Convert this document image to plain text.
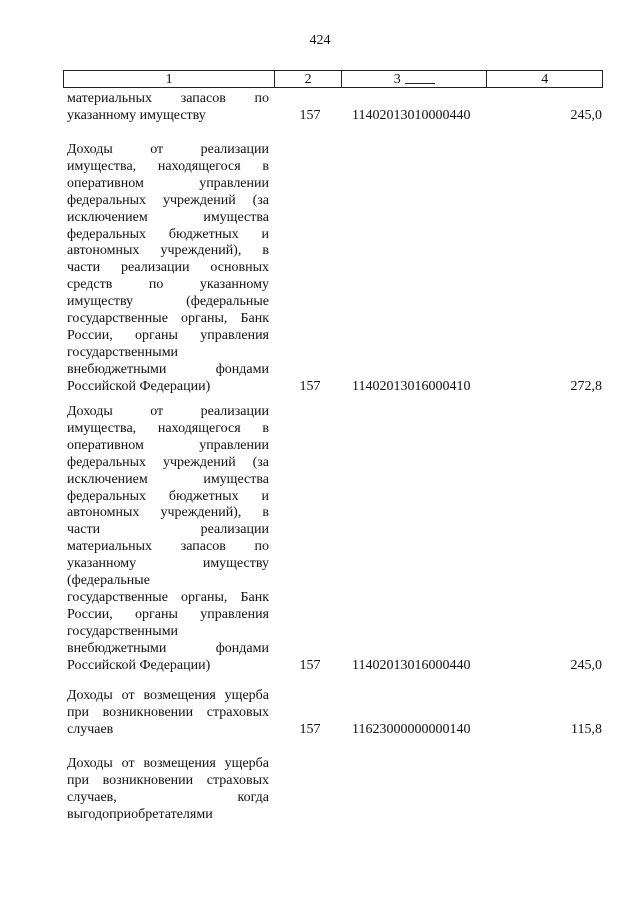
424
1	2	3	4
материальных запасов по
указанному имуществу	157 11402013010000440	245,0
Доходы от реализации
имущества, находящегося в
оперативном управлении
федеральных учреждений (за
исключением имущества
федеральных бюджетных и
автономных учреждений), в
части реализации основных
средств по указанному
имуществу (федеральные
государственные органы, Банк
России, органы управления
государственными
внебюджетными фондами
Российской Федерации)	157 11402013016000410	272,8
Доходы от реализации
имущества, находящегося в
оперативном управлении
федеральных учреждений (за
исключением имущества
федеральных бюджетных и
автономных учреждений), в
части реализации
материальных запасов по
указанному имуществу
(федеральные
государственные органы, Банк
России, органы управления
государственными
внебюджетными фондами
Российской Федерации)	157 11402013016000440	245,0
Доходы от возмещения ущерба
при возникновении страховых
случаев	157 11623000000000140	115,8
Доходы от возмещения ущерба
при возникновении страховых
случаев, когда
выгодоприобретателями
